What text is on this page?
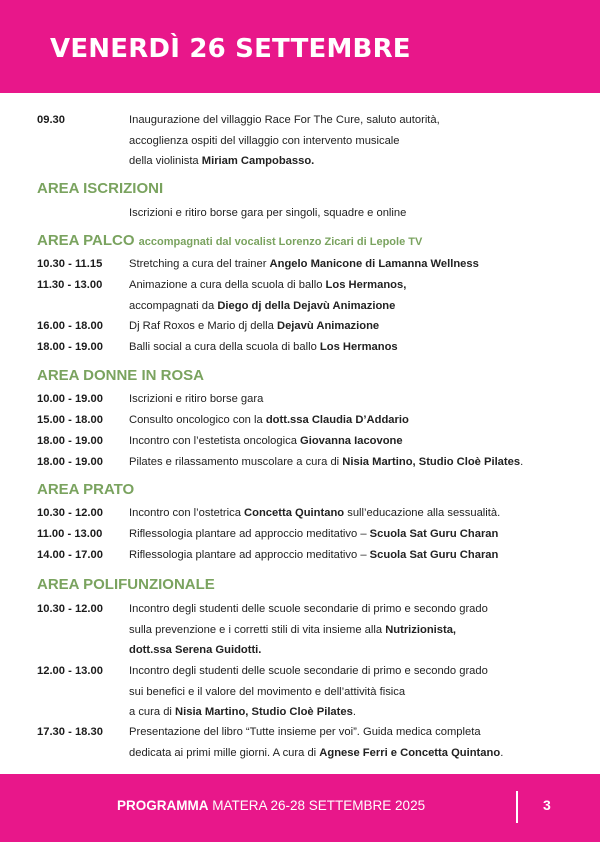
VENERDÌ 26 SETTEMBRE
09.30	Inaugurazione del villaggio Race For The Cure, saluto autorità,
accoglienza ospiti del villaggio con intervento musicale
della violinista Miriam Campobasso.
AREA ISCRIZIONI
Iscrizioni e ritiro borse gara per singoli, squadre e online
AREA PALCO accompagnati dal vocalist Lorenzo Zicari di Lepole TV
10.30 - 11.15	Stretching a cura del trainer Angelo Manicone di Lamanna Wellness
11.30 - 13.00	Animazione a cura della scuola di ballo Los Hermanos,
accompagnati da Diego dj della Dejavù Animazione
16.00 - 18.00	Dj Raf Roxos e Mario dj della Dejavù Animazione
18.00 - 19.00	Balli social a cura della scuola di ballo Los Hermanos
AREA DONNE IN ROSA
10.00 - 19.00	Iscrizioni e ritiro borse gara
15.00 - 18.00	Consulto oncologico con la dott.ssa Claudia D’Addario
18.00 - 19.00	Incontro con l’estetista oncologica Giovanna Iacovone
18.00 - 19.00	Pilates e rilassamento muscolare a cura di Nisia Martino, Studio Cloè Pilates.
AREA PRATO
10.30 - 12.00	Incontro con l’ostetrica Concetta Quintano sull’educazione alla sessualità.
11.00 - 13.00	Riflessologia plantare ad approccio meditativo – Scuola Sat Guru Charan
14.00 - 17.00	Riflessologia plantare ad approccio meditativo – Scuola Sat Guru Charan
AREA POLIFUNZIONALE
10.30 - 12.00	Incontro degli studenti delle scuole secondarie di primo e secondo grado
sulla prevenzione e i corretti stili di vita insieme alla Nutrizionista,
dott.ssa Serena Guidotti.
12.00 - 13.00	Incontro degli studenti delle scuole secondarie di primo e secondo grado
sui benefici e il valore del movimento e dell’attività fisica
a cura di Nisia Martino, Studio Cloè Pilates.
17.30 - 18.30	Presentazione del libro “Tutte insieme per voi”. Guida medica completa
dedicata ai primi mille giorni. A cura di Agnese Ferri e Concetta Quintano.
PROGRAMMA MATERA 26-28 SETTEMBRE 2025	3
